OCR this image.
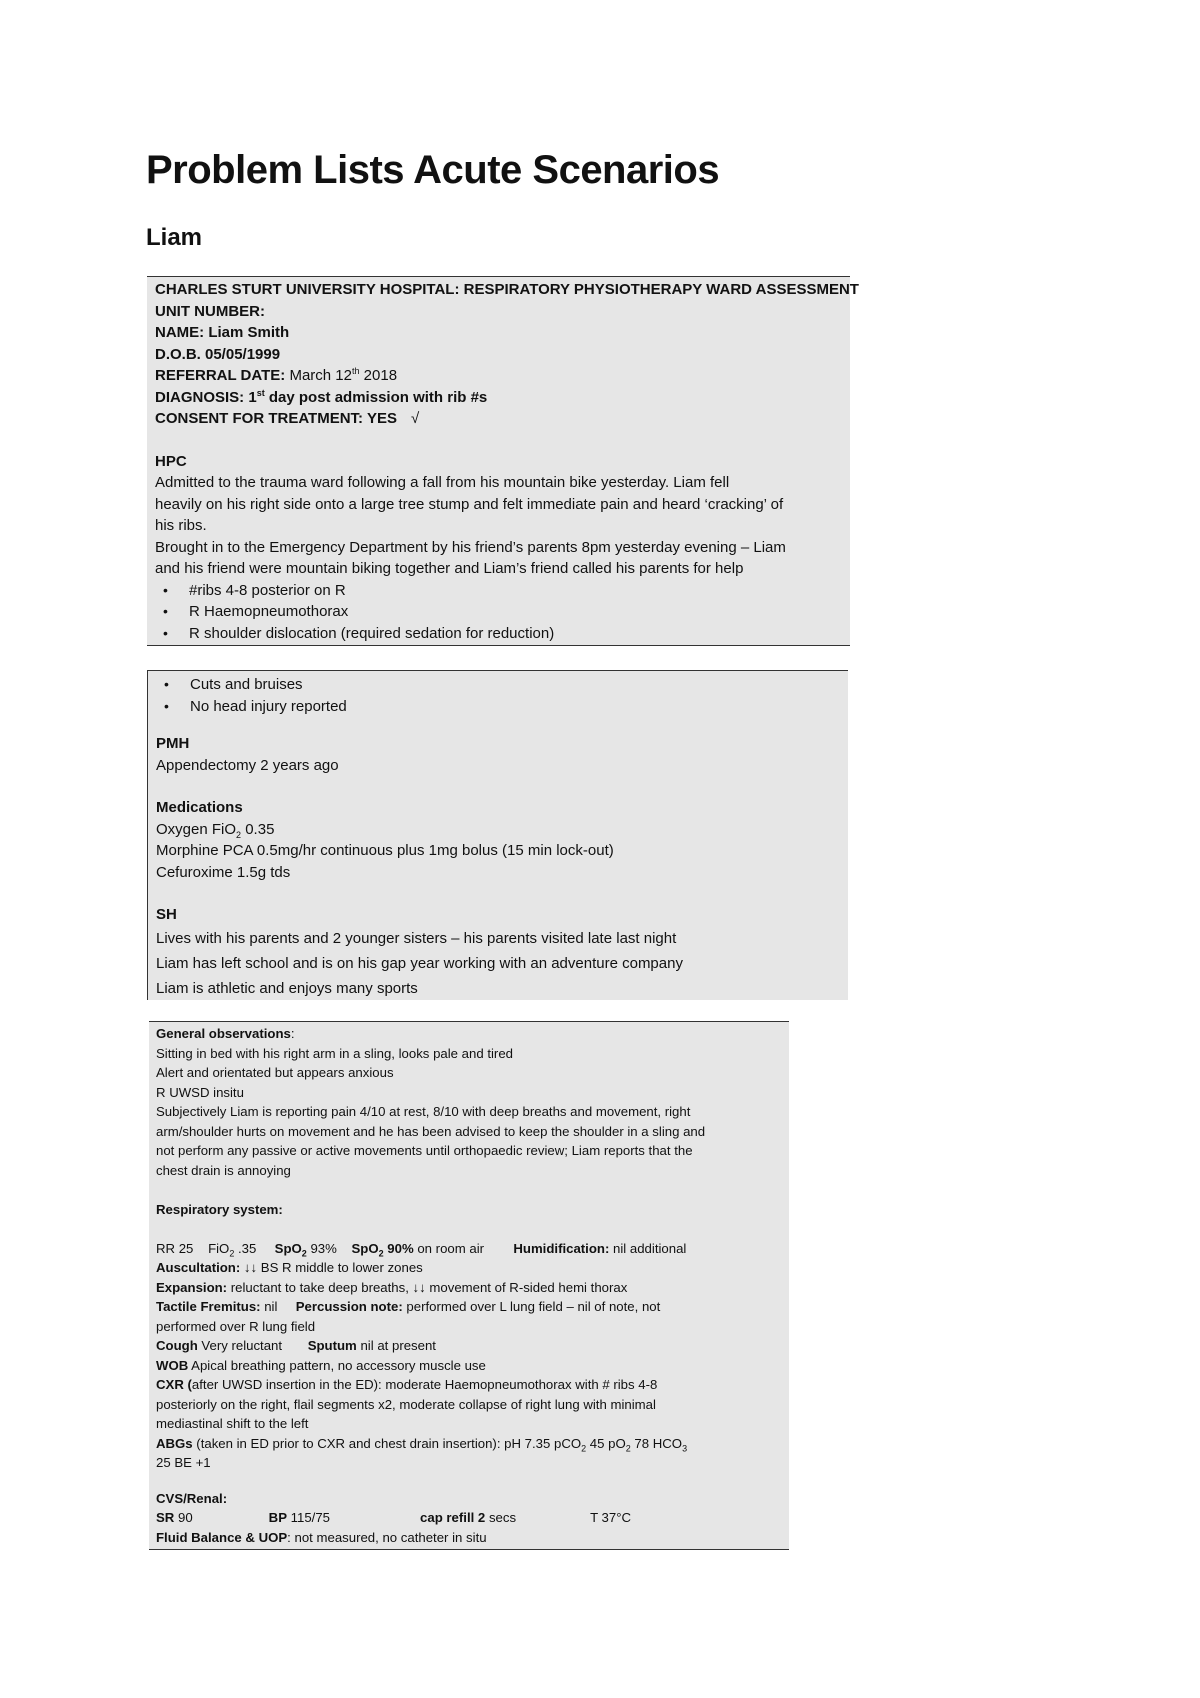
Problem Lists Acute Scenarios
Liam
CHARLES STURT UNIVERSITY HOSPITAL: RESPIRATORY PHYSIOTHERAPY WARD ASSESSMENT
UNIT NUMBER:
NAME: Liam Smith
D.O.B. 05/05/1999
REFERRAL DATE: March 12th 2018
DIAGNOSIS: 1st day post admission with rib #s
CONSENT FOR TREATMENT: YES √
HPC
Admitted to the trauma ward following a fall from his mountain bike yesterday. Liam fell
heavily on his right side onto a large tree stump and felt immediate pain and heard ‘cracking’ of
his ribs.
Brought in to the Emergency Department by his friend’s parents 8pm yesterday evening – Liam
and his friend were mountain biking together and Liam’s friend called his parents for help
• #ribs 4-8 posterior on R
• R Haemopneumothorax
• R shoulder dislocation (required sedation for reduction)
• Cuts and bruises
• No head injury reported
PMH
Appendectomy 2 years ago
Medications
Oxygen FiO$_2$ 0.35
Morphine PCA 0.5mg/hr continuous plus 1mg bolus (15 min lock-out)
Cefuroxime 1.5g tds
SH
Lives with his parents and 2 younger sisters – his parents visited late last night
Liam has left school and is on his gap year working with an adventure company
Liam is athletic and enjoys many sports
General observations:
Sitting in bed with his right arm in a sling, looks pale and tired
Alert and orientated but appears anxious
R UWSD insitu
Subjectively Liam is reporting pain 4/10 at rest, 8/10 with deep breaths and movement, right
arm/shoulder hurts on movement and he has been advised to keep the shoulder in a sling and
not perform any passive or active movements until orthopaedic review; Liam reports that the
chest drain is annoying
Respiratory system:
RR 25 FiO$_2$ .35 SpO$_2$ 93% SpO$_2$ 90% on room air Humidification: nil additional
Auscultation: ↓↓ BS R middle to lower zones
Expansion: reluctant to take deep breaths, ↓↓ movement of R-sided hemi thorax
Tactile Fremitus: nil Percussion note: performed over L lung field – nil of note, not
performed over R lung field
Cough Very reluctant Sputum nil at present
WOB Apical breathing pattern, no accessory muscle use
CXR (after UWSD insertion in the ED): moderate Haemopneumothorax with # ribs 4-8
posteriorly on the right, flail segments x2, moderate collapse of right lung with minimal
mediastinal shift to the left
ABGs (taken in ED prior to CXR and chest drain insertion): pH 7.35 pCO$_2$ 45 $pO_2$ 78 $HCO_3$
25 BE +1
CVS/Renal:
SR 90	BP 115/75	cap refill 2 secs	T 37°C
Fluid Balance & UOP: not measured, no catheter in situ
